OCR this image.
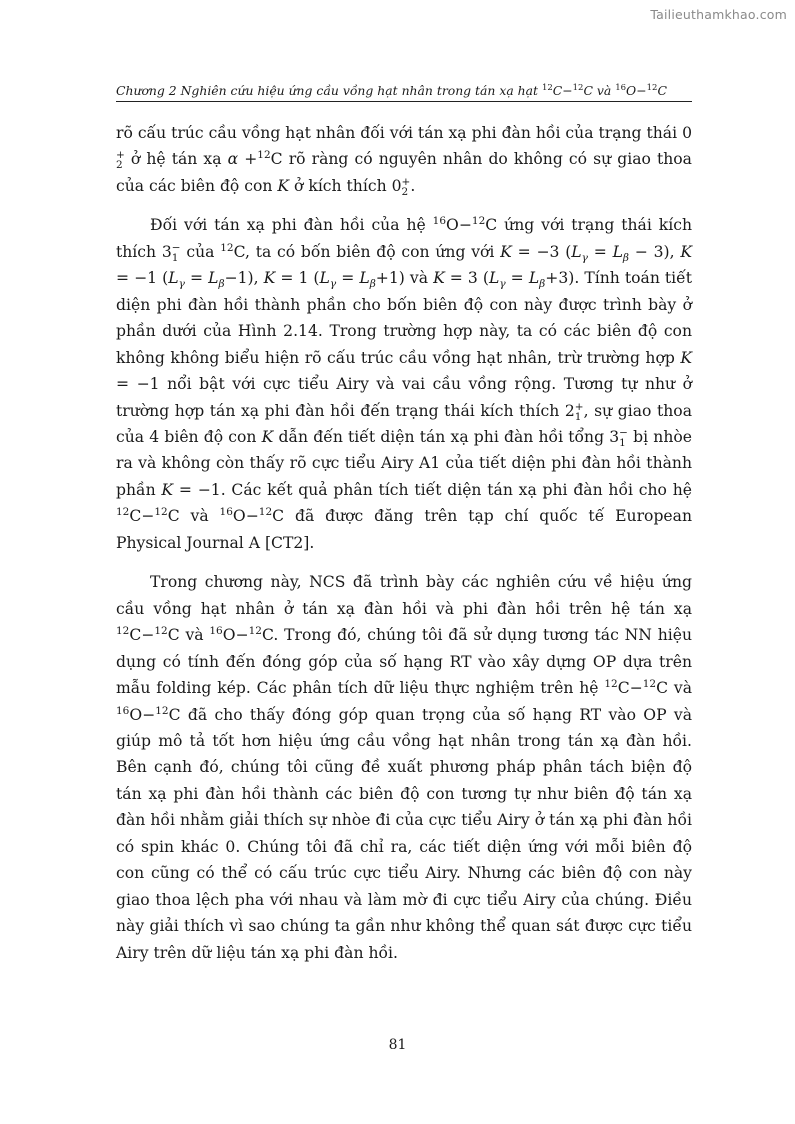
Tailieuthamkhao.com
Chương 2 Nghiên cứu hiệu ứng cầu vồng hạt nhân trong tán xạ hạt $^{12}$C−$^{12}$C và $^{16}$O−$^{12}$C

rõ cấu trúc cầu vồng hạt nhân đối với tán xạ phi đàn hồi của trạng thái 0
+
2 ở hệ tán xạ α +$^{12}$C rõ ràng có nguyên nhân do không có sự giao thoa của các biên độ con K ở kích thích 0 +
2 .

Đối với tán xạ phi đàn hồi của hệ $^{16}$O−$^{12}$C ứng với trạng thái kích thích 3 −
1 của $^{12}$C, ta có bốn biên độ con ứng với K = −3 $(L_\gamma = L_\beta - 3)$, K = −1 $(L_\gamma = L_\beta-1)$, K = 1 $(L_\gamma = L_\beta+1)$ và K = 3 $(L_\gamma = L_\beta+3)$. Tính toán tiết diện phi đàn hồi thành phần cho bốn biên độ con này được trình bày ở phần dưới của Hình 2.14. Trong trường hợp này, ta có các biên độ con không không biểu hiện rõ cấu trúc cầu vồng hạt nhân, trừ trường hợp K = −1 nổi bật với cực tiểu Airy và vai cầu vồng rộng. Tương tự như ở trường hợp tán xạ phi đàn hồi đến trạng thái kích thích 2 +
1 , sự giao thoa của 4 biên độ con K dẫn đến tiết diện tán xạ phi đàn hồi tổng 3 −
1 bị nhòe ra và không còn thấy rõ cực tiểu Airy A1 của tiết diện phi đàn hồi thành phần K = −1. Các kết quả phân tích tiết diện tán xạ phi đàn hồi cho hệ $^{12}$C−$^{12}$C và $^{16}$O−$^{12}$C đã được đăng trên tạp chí quốc tế European Physical Journal A [CT2].

Trong chương này, NCS đã trình bày các nghiên cứu về hiệu ứng cầu vồng hạt nhân ở tán xạ đàn hồi và phi đàn hồi trên hệ tán xạ $^{12}$C−$^{12}$C và $^{16}$O−$^{12}$C. Trong đó, chúng tôi đã sử dụng tương tác NN hiệu dụng có tính đến đóng góp của số hạng RT vào xây dựng OP dựa trên mẫu folding kép. Các phân tích dữ liệu thực nghiệm trên hệ $^{12}$C−$^{12}$C và $^{16}$O−$^{12}$C đã cho thấy đóng góp quan trọng của số hạng RT vào OP và giúp mô tả tốt hơn hiệu ứng cầu vồng hạt nhân trong tán xạ đàn hồi. Bên cạnh đó, chúng tôi cũng đề xuất phương pháp phân tách biện độ tán xạ phi đàn hồi thành các biên độ con tương tự như biên độ tán xạ đàn hồi nhằm giải thích sự nhòe đi của cực tiểu Airy ở tán xạ phi đàn hồi có spin khác 0. Chúng tôi đã chỉ ra, các tiết diện ứng với mỗi biên độ con cũng có thể có cấu trúc cực tiểu Airy. Nhưng các biên độ con này giao thoa lệch pha với nhau và làm mờ đi cực tiểu Airy của chúng. Điều này giải thích vì sao chúng ta gần như không thể quan sát được cực tiểu Airy trên dữ liệu tán xạ phi đàn hồi.

81
